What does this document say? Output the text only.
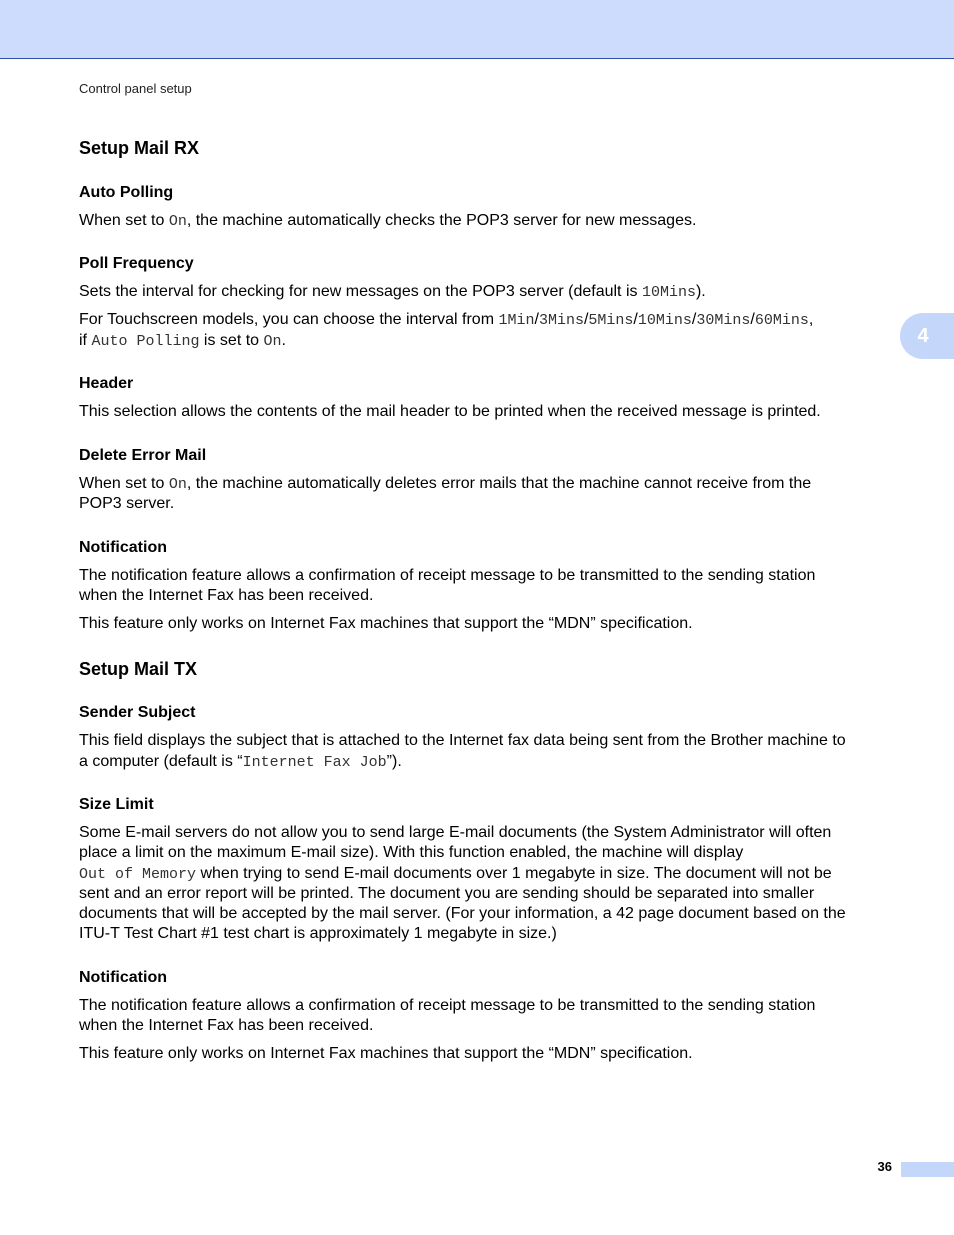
Control panel setup
4
Setup Mail RX
Auto Polling

When set to On, the machine automatically checks the POP3 server for new messages.

Poll Frequency

Sets the interval for checking for new messages on the POP3 server (default is 10Mins).

For Touchscreen models, you can choose the interval from 1Min/3Mins/5Mins/10Mins/30Mins/60Mins,

if Auto Polling is set to On.

Header

This selection allows the contents of the mail header to be printed when the received message is printed.

Delete Error Mail

When set to On, the machine automatically deletes error mails that the machine cannot receive from the

POP3 server.

Notification

The notification feature allows a confirmation of receipt message to be transmitted to the sending station

when the Internet Fax has been received.

This feature only works on Internet Fax machines that support the “MDN” specification.

Setup Mail TX
Sender Subject

This field displays the subject that is attached to the Internet fax data being sent from the Brother machine to

a computer (default is “Internet Fax Job”).

Size Limit

Some E-mail servers do not allow you to send large E-mail documents (the System Administrator will often

place a limit on the maximum E-mail size). With this function enabled, the machine will display

Out of Memory when trying to send E-mail documents over 1 megabyte in size. The document will not be

sent and an error report will be printed. The document you are sending should be separated into smaller

documents that will be accepted by the mail server. (For your information, a 42 page document based on the

ITU-T Test Chart #1 test chart is approximately 1 megabyte in size.)

Notification

The notification feature allows a confirmation of receipt message to be transmitted to the sending station

when the Internet Fax has been received.

This feature only works on Internet Fax machines that support the “MDN” specification.

36
